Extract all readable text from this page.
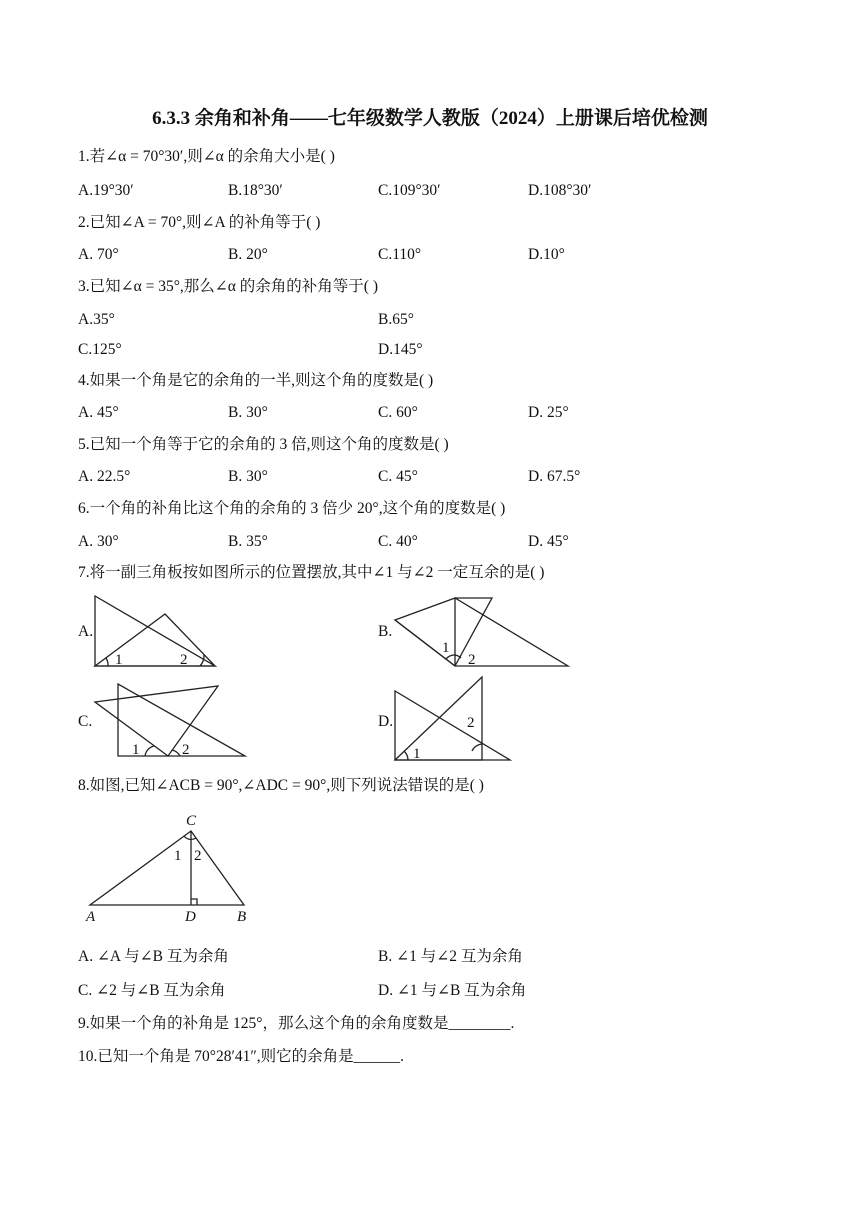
6.3.3 余角和补角——七年级数学人教版（2024）上册课后培优检测
1.若∠α = 70°30′,则∠α 的余角大小是( )
A.19°30′	B.18°30′	C.109°30′	D.108°30′
2.已知∠A = 70°,则∠A 的补角等于( )
A. 70°	B. 20°	C.110°	D.10°
3.已知∠α = 35°,那么∠α 的余角的补角等于( )
A.35°	B.65°
C.125°	D.145°
4.如果一个角是它的余角的一半,则这个角的度数是( )
A. 45°	B. 30°	C. 60°	D. 25°
5.已知一个角等于它的余角的 3 倍,则这个角的度数是( )
A. 22.5°	B. 30°	C. 45°	D. 67.5°
6.一个角的补角比这个角的余角的 3 倍少 20°,这个角的度数是( )
A. 30°	B. 35°	C. 40°	D. 45°
7.将一副三角板按如图所示的位置摆放,其中∠1 与∠2 一定互余的是( )
A.
1	2
B.
1
2
C.
1	2
D.
1
2
8.如图,已知∠ACB = 90°,∠ADC = 90°,则下列说法错误的是( )
C
1 2
A	D	B
A. ∠A 与∠B 互为余角	B. ∠1 与∠2 互为余角
C. ∠2 与∠B 互为余角	D. ∠1 与∠B 互为余角
9.如果一个角的补角是 125°，那么这个角的余角度数是________.
10.已知一个角是 70°28′41″,则它的余角是______.
